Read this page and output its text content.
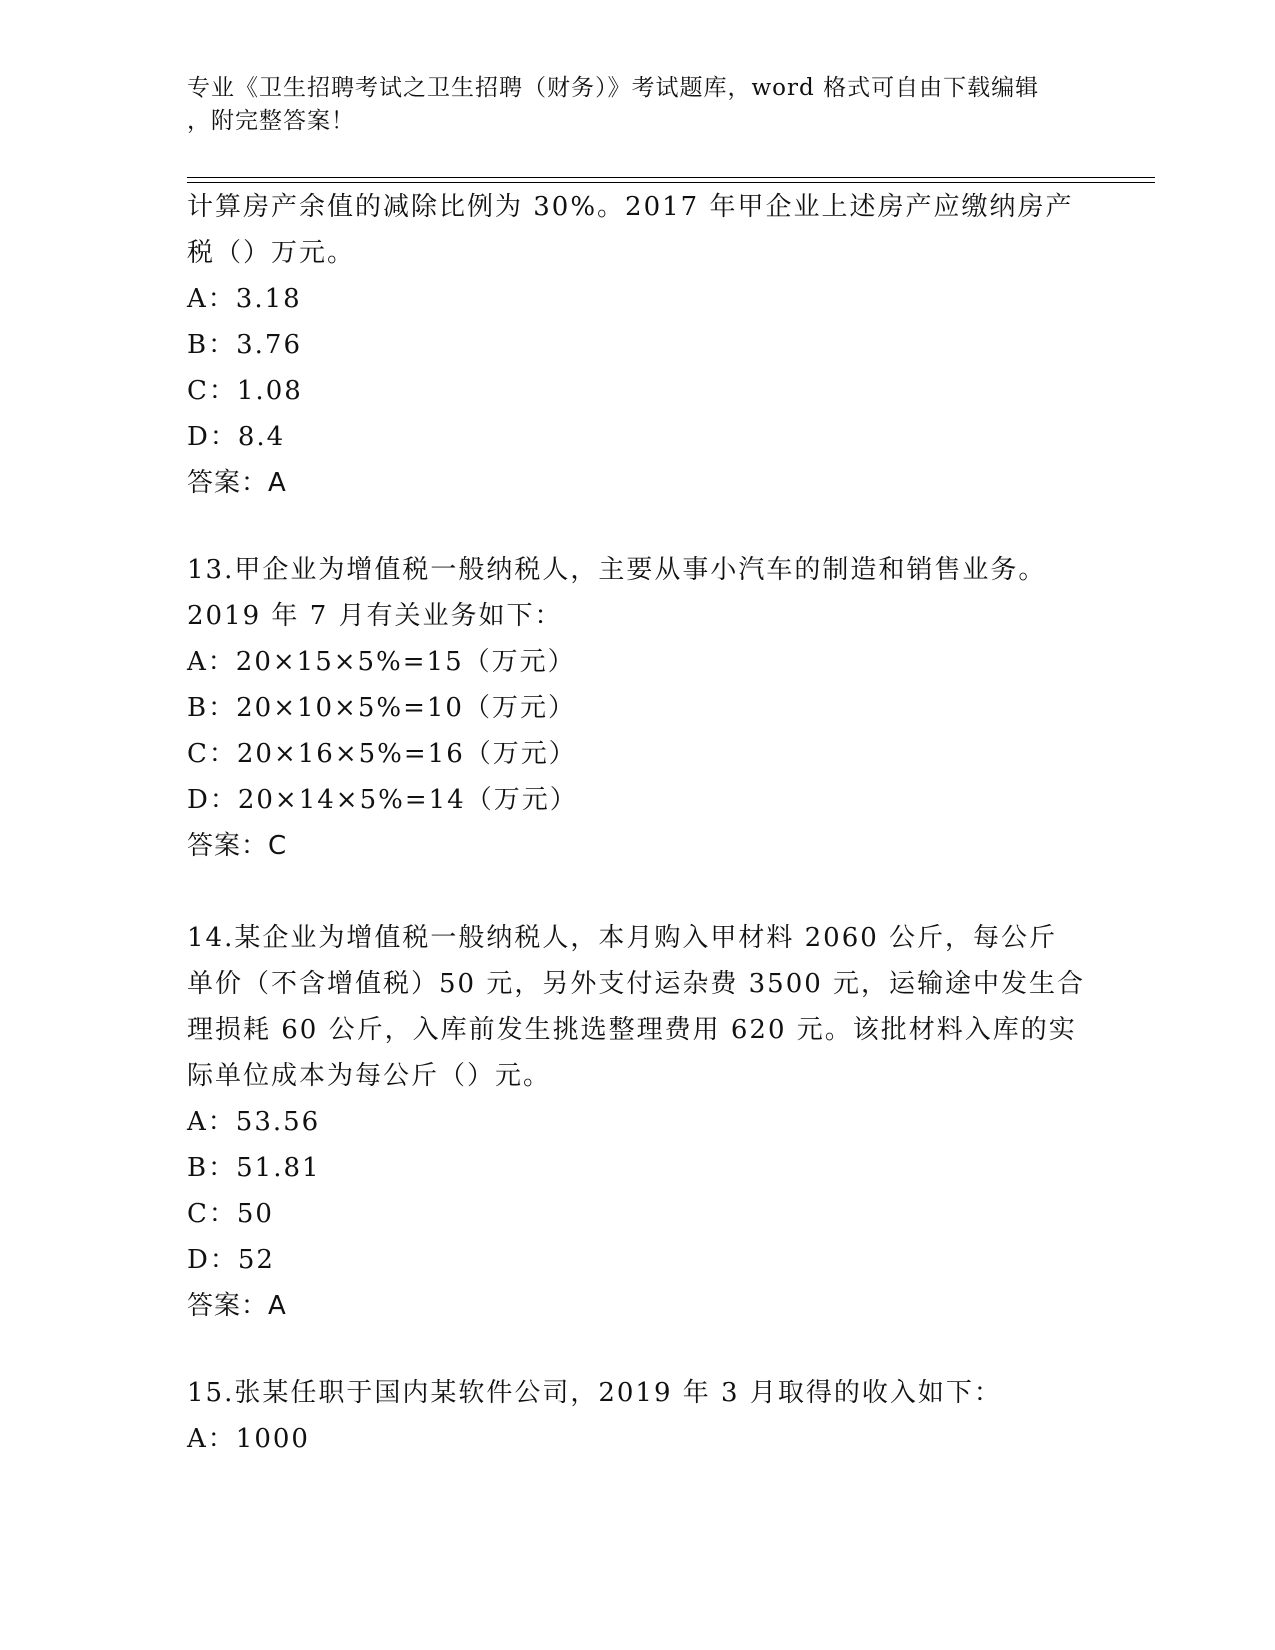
专业《卫生招聘考试之卫生招聘（财务）》考试题库，word 格式可自由下载编辑
，附完整答案！
计算房产余值的减除比例为 30%。2017 年甲企业上述房产应缴纳房产
税（）万元。
A：3.18
B：3.76
C：1.08
D：8.4
答案：A
13.甲企业为增值税一般纳税人，主要从事小汽车的制造和销售业务。
2019 年 7 月有关业务如下：
A：20×15×5%=15（万元）
B：20×10×5%=10（万元）
C：20×16×5%=16（万元）
D：20×14×5%=14（万元）
答案：C
14.某企业为增值税一般纳税人，本月购入甲材料 2060 公斤，每公斤
单价（不含增值税）50 元，另外支付运杂费 3500 元，运输途中发生合
理损耗 60 公斤，入库前发生挑选整理费用 620 元。该批材料入库的实
际单位成本为每公斤（）元。
A：53.56
B：51.81
C：50
D：52
答案：A
15.张某任职于国内某软件公司，2019 年 3 月取得的收入如下：
A：1000
